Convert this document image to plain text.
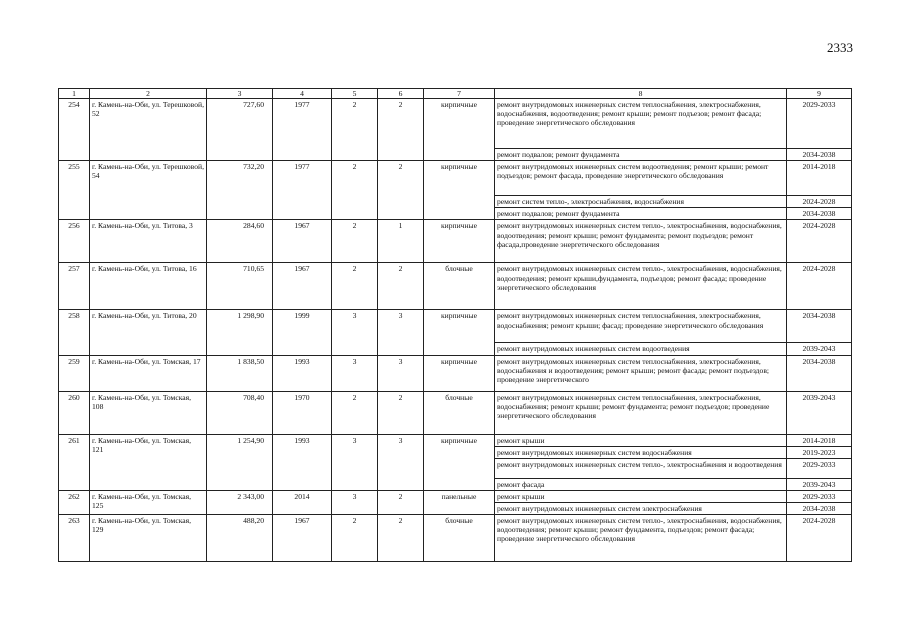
2333
1	2	3	4	5	6	7	8	9
254	г. Камень-на-Оби, ул. Терешковой, 52	727,60	1977	2	2	кирпичные	ремонт внутридомовых инженерных систем теплоснабжения, электроснабжения, водоснабжения, водоотведения; ремонт крыши; ремонт подъезов; ремонт фасада; проведение энергетического обследования	2029-2033
							ремонт подвалов; ремонт фундамента	2034-2038
255	г. Камень-на-Оби, ул. Терешковой, 54	732,20	1977	2	2	кирпичные	ремонт внутридомовых инженерных систем водоотведения; ремонт крыши; ремонт подъездов; ремонт фасада, проведение энергетического обследования	2014-2018
							ремонт систем тепло-, электроснабжения, водоснабжения	2024-2028
							ремонт подвалов; ремонт фундамента	2034-2038
256	г. Камень-на-Оби, ул. Титова, 3	284,60	1967	2	1	кирпичные	ремонт внутридомовых инженерных систем тепло-, электроснабжения, водоснабжения, водоотведения; ремонт крыши; ремонт фундамента; ремонт подъездов; ремонт фасада,проведение энергетического обследования	2024-2028
257	г. Камень-на-Оби, ул. Титова, 16	710,65	1967	2	2	блочные	ремонт внутридомовых инженерных систем тепло-, электроснабжения, водоснабжения, водоотведения; ремонт крыши,фундамента, подъездов; ремонт фасада; проведение энергетического обследования	2024-2028
258	г. Камень-на-Оби, ул. Титова, 20	1 298,90	1999	3	3	кирпичные	ремонт внутридомовых инженерных систем теплоснабжения, электроснабжения, водоснабжения; ремонт крыши; фасад; проведение энергетического обследования	2034-2038
							ремонт внутридомовых инженерных систем водоотведения	2039-2043
259	г. Камень-на-Оби, ул. Томская, 17	1 838,50	1993	3	3	кирпичные	ремонт внутридомовых инженерных систем теплоснабжения, электроснабжения, водоснабжения и водоотведения; ремонт крыши; ремонт фасада; ремонт подъездов; проведение энергетического	2034-2038
260	г. Камень-на-Оби, ул. Томская, 108	708,40	1970	2	2	блочные	ремонт внутридомовых инженерных систем теплоснабжения, электроснабжения, водоснабжения; ремонт крыши; ремонт фундамента; ремонт подъездов; проведение энергетического обследования	2039-2043
261	г. Камень-на-Оби, ул. Томская, 121	1 254,90	1993	3	3	кирпичные	ремонт крыши	2014-2018
							ремонт внутридомовых инженерных систем водоснабжения	2019-2023
							ремонт внутридомовых инженерных систем тепло-, электроснабжения и водоотведения	2029-2033
							ремонт фасада	2039-2043
262	г. Камень-на-Оби, ул. Томская, 125	2 343,00	2014	3	2	панельные	ремонт крыши	2029-2033
							ремонт внутридомовых инженерных систем электроснабжения	2034-2038
263	г. Камень-на-Оби, ул. Томская, 129	488,20	1967	2	2	блочные	ремонт внутридомовых инженерных систем тепло-, электроснабжения, водоснабжения, водоотведения; ремонт крыши; ремонт фундамента, подъездов; ремонт фасада; проведение энергетического обследования	2024-2028
